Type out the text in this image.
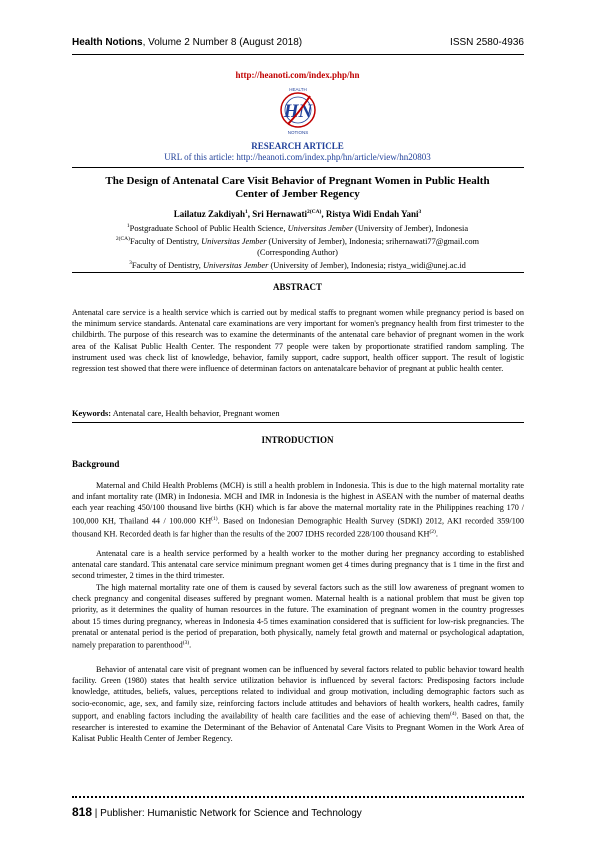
Health Notions, Volume 2 Number 8 (August 2018)	ISSN 2580-4936
http://heanoti.com/index.php/hn
HEALTH
HN
NOTIONS
RESEARCH ARTICLE
URL of this article: http://heanoti.com/index.php/hn/article/view/hn20803
The Design of Antenatal Care Visit Behavior of Pregnant Women in Public Health Center of Jember Regency
Lailatuz Zakdiyah$^1$, Sri Hernawati$^{2(CA)}$, Ristya Widi Endah Yani$^3$
$^1$Postgraduate School of Public Health Science, Universitas Jember (University of Jember), Indonesia
$^{2(CA)}$Faculty of Dentistry, Universitas Jember (University of Jember), Indonesia; srihernawati77@gmail.com
(Corresponding Author)
$^3$Faculty of Dentistry, Universitas Jember (University of Jember), Indonesia; ristya_widi@unej.ac.id
ABSTRACT
Antenatal care service is a health service which is carried out by medical staffs to pregnant women while pregnancy period is based on the minimum service standards. Antenatal care examinations are very important for women's pregnancy health from first trimester to the childbirth. The purpose of this research was to examine the determinants of the antenatal care behavior of pregnant women in the work area of the Kalisat Public Health Center. The respondent 77 people were taken by proportionate stratified random sampling. The instrument used was check list of knowledge, behavior, family support, cadre support, health officer support. The result of logistic regression test showed that there were influence of determinan factors on antenatalcare behavior of pregnant at public health center.
Keywords: Antenatal care, Health behavior, Pregnant women
INTRODUCTION
Background
Maternal and Child Health Problems (MCH) is still a health problem in Indonesia. This is due to the high maternal mortality rate and infant mortality rate (IMR) in Indonesia. MCH and IMR in Indonesia is the highest in ASEAN with the number of maternal deaths each year reaching 450/100 thousand live births (KH) which is far above the maternal mortality rate in the Philippines reaching 170 / 100,000 KH, Thailand 44 / 100.000 KH$^{(1)}$. Based on Indonesian Demographic Health Survey (SDKI) 2012, AKI recorded 359/100 thousand KH. Recorded death is far higher than the results of the 2007 IDHS recorded 228/100 thousand KH$^{(2)}$.
Antenatal care is a health service performed by a health worker to the mother during her pregnancy according to established antenatal care standard. This antenatal care service minimum pregnant women get 4 times during pregnancy that is 1 time in the first and second trimester, 2 times in the third trimester.
The high maternal mortality rate one of them is caused by several factors such as the still low awareness of pregnant women to check pregnancy and congenital diseases suffered by pregnant women. Maternal health is a national problem that must be given top priority, as it determines the quality of human resources in the future. The examination of pregnant women in the country progresses about 15 times during pregnancy, whereas in Indonesia 4-5 times examination considered that is sufficient for low-risk pregnancies. The prenatal or antenatal period is the period of preparation, both physically, namely fetal growth and maternal or psychological adaptation, namely preparation to parenthood$^{(3)}$.
Behavior of antenatal care visit of pregnant women can be influenced by several factors related to public behavior toward health facility. Green (1980) states that health service utilization behavior is influenced by several factors: Predisposing factors include knowledge, attitudes, beliefs, values, perceptions related to individual and group motivation, including demographic factors such as socio-economic, age, sex, and family size, reinforcing factors include attitudes and behaviors of health workers, health cadres, family support, and enabling factors including the availability of health care facilities and the ease of achieving them$^{(4)}$. Based on that, the researcher is interested to examine the Determinant of the Behavior of Antenatal Care Visits to Pregnant Women in the Work Area of Kalisat Public Health Center of Jember Regency.
818 | Publisher: Humanistic Network for Science and Technology
